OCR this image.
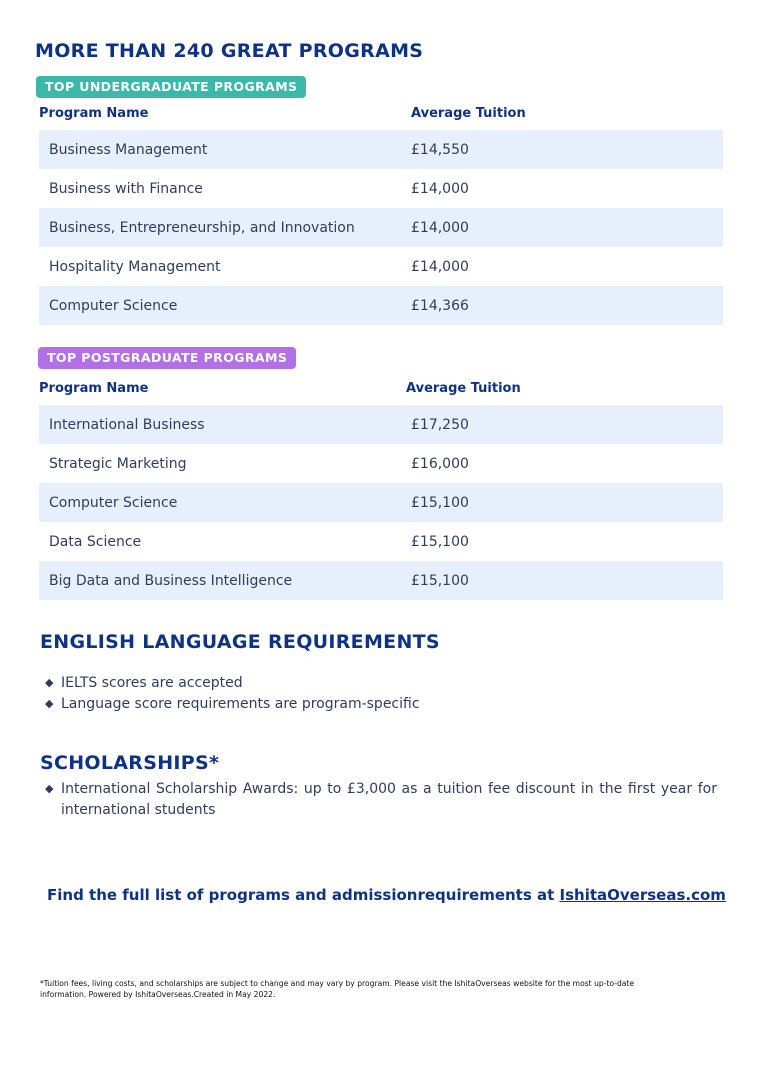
MORE THAN 240 GREAT PROGRAMS
TOP UNDERGRADUATE PROGRAMS
Program Name	Average Tuition
Business Management	£14,550
Business with Finance	£14,000
Business, Entrepreneurship, and Innovation	£14,000
Hospitality Management	£14,000
Computer Science	£14,366
TOP POSTGRADUATE PROGRAMS
Program Name	Average Tuition
International Business	£17,250
Strategic Marketing	£16,000
Computer Science	£15,100
Data Science	£15,100
Big Data and Business Intelligence	£15,100
ENGLISH LANGUAGE REQUIREMENTS
◆ IELTS scores are accepted
◆ Language score requirements are program-specific
SCHOLARSHIPS*
◆ International Scholarship Awards: up to £3,000 as a tuition fee discount in the first year for international students
Find the full list of programs and admissionrequirements at IshitaOverseas.com
*Tuition fees, living costs, and scholarships are subject to change and may vary by program. Please visit the IshitaOverseas website for the most up-to-date information. Powered by IshitaOverseas.Created in May 2022.
